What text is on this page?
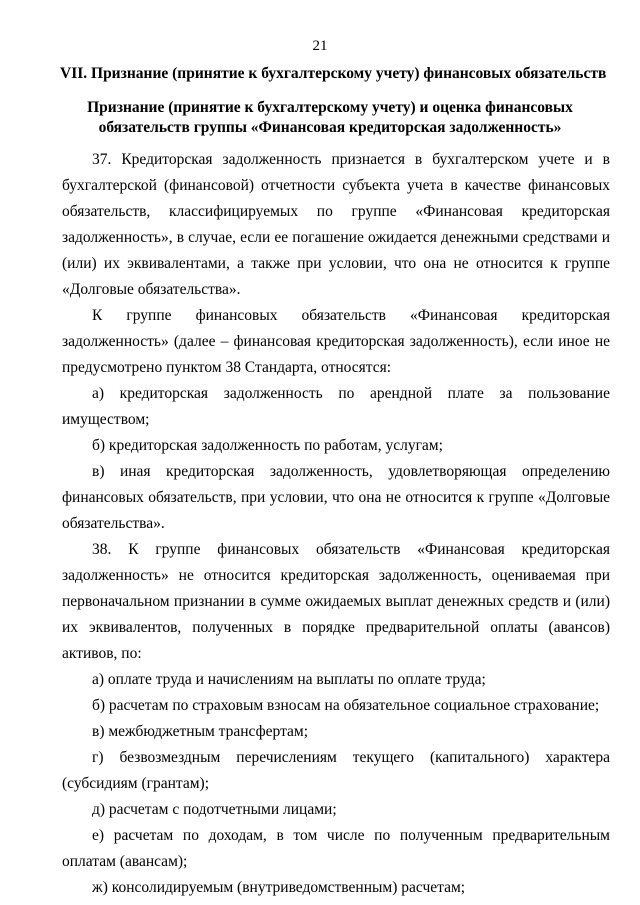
21
VII. Признание (принятие к бухгалтерскому учету) финансовых обязательств
Признание (принятие к бухгалтерскому учету) и оценка финансовых
обязательств группы «Финансовая кредиторская задолженность»

37. Кредиторская задолженность признается в бухгалтерском учете и в бухгалтерской (финансовой) отчетности субъекта учета в качестве финансовых обязательств, классифицируемых по группе «Финансовая кредиторская задолженность», в случае, если ее погашение ожидается денежными средствами и (или) их эквивалентами, а также при условии, что она не относится к группе «Долговые обязательства».

К группе финансовых обязательств «Финансовая кредиторская задолженность» (далее – финансовая кредиторская задолженность), если иное не предусмотрено пунктом 38 Стандарта, относятся:

а) кредиторская задолженность по арендной плате за пользование имуществом;

б) кредиторская задолженность по работам, услугам;

в) иная кредиторская задолженность, удовлетворяющая определению финансовых обязательств, при условии, что она не относится к группе «Долговые обязательства».

38. К группе финансовых обязательств «Финансовая кредиторская задолженность» не относится кредиторская задолженность, оцениваемая при первоначальном признании в сумме ожидаемых выплат денежных средств и (или) их эквивалентов, полученных в порядке предварительной оплаты (авансов) активов, по:

а) оплате труда и начислениям на выплаты по оплате труда;

б) расчетам по страховым взносам на обязательное социальное страхование;

в) межбюджетным трансфертам;

г) безвозмездным перечислениям текущего (капитального) характера (субсидиям (грантам);

д) расчетам с подотчетными лицами;

е) расчетам по доходам, в том числе по полученным предварительным оплатам (авансам);

ж) консолидируемым (внутриведомственным) расчетам;
